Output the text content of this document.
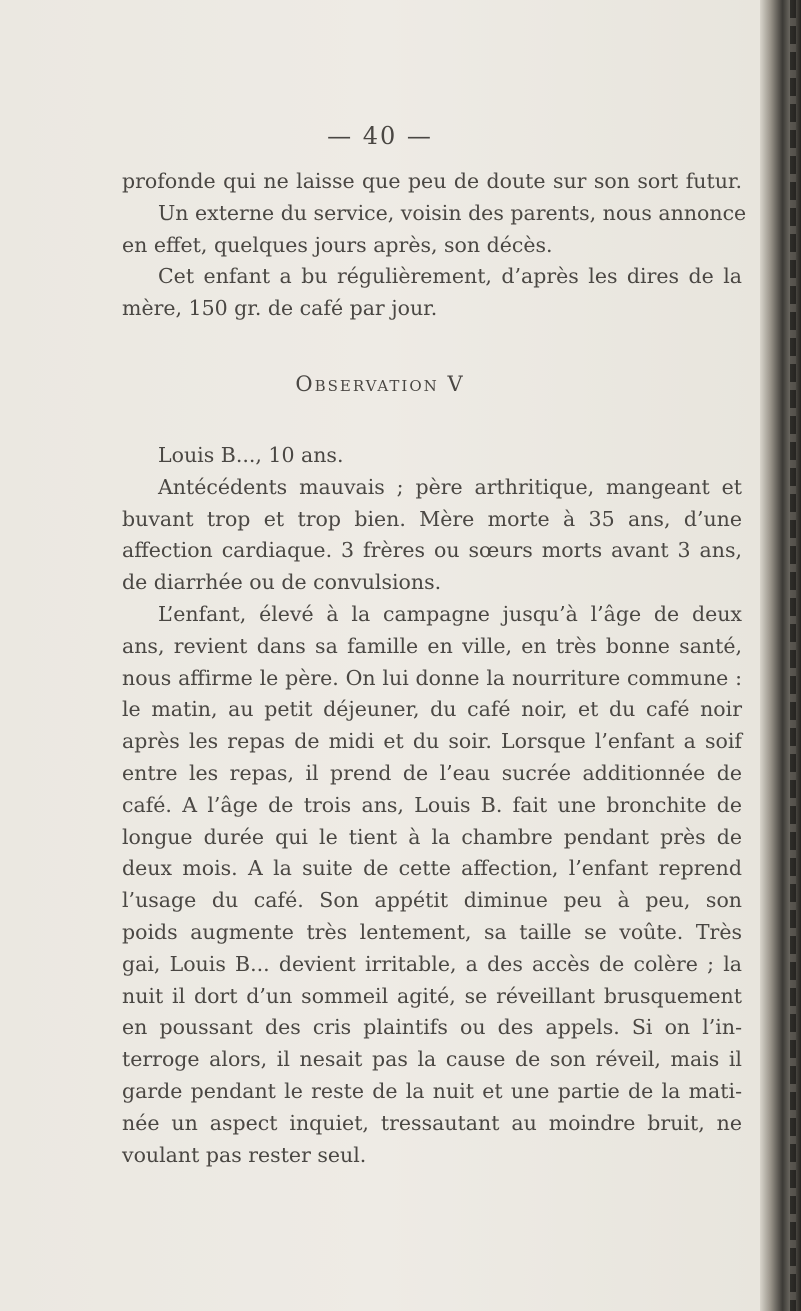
— 40 —
profonde qui ne laisse que peu de doute sur son sort futur.
Un externe du service, voisin des parents, nous annonce
en effet, quelques jours après, son décès.
Cet enfant a bu régulièrement, d’après les dires de la
mère, 150 gr. de café par jour.
Observation V
Louis B..., 10 ans.
Antécédents mauvais ; père arthritique, mangeant et
buvant trop et trop bien. Mère morte à 35 ans, d’une
affection cardiaque. 3 frères ou sœurs morts avant 3 ans,
de diarrhée ou de convulsions.
L’enfant, élevé à la campagne jusqu’à l’âge de deux
ans, revient dans sa famille en ville, en très bonne santé,
nous affirme le père. On lui donne la nourriture commune :
le matin, au petit déjeuner, du café noir, et du café noir
après les repas de midi et du soir. Lorsque l’enfant a soif
entre les repas, il prend de l’eau sucrée additionnée de
café. A l’âge de trois ans, Louis B. fait une bronchite de
longue durée qui le tient à la chambre pendant près de
deux mois. A la suite de cette affection, l’enfant reprend
l’usage du café. Son appétit diminue peu à peu, son
poids augmente très lentement, sa taille se voûte. Très
gai, Louis B... devient irritable, a des accès de colère ; la
nuit il dort d’un sommeil agité, se réveillant brusquement
en poussant des cris plaintifs ou des appels. Si on l’in-
terroge alors, il nesait pas la cause de son réveil, mais il
garde pendant le reste de la nuit et une partie de la mati-
née un aspect inquiet, tressautant au moindre bruit, ne
voulant pas rester seul.
